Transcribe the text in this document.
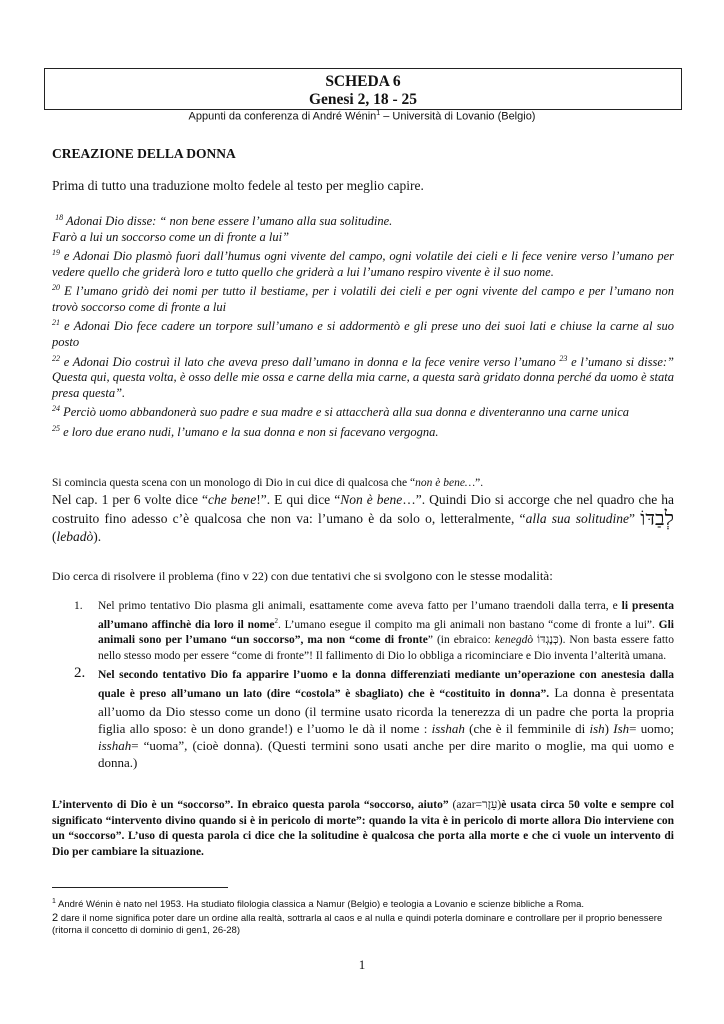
SCHEDA 6
Genesi 2, 18 - 25
Appunti da conferenza di André Wénin$^1$ – Università di Lovanio (Belgio)
CREAZIONE DELLA DONNA
Prima di tutto una traduzione molto fedele al testo per meglio capire.
$^{18}$ Adonai Dio disse: “ non bene essere l’umano alla sua solitudine.
Farò a lui un soccorso come un di fronte a lui”
$^{19}$ e Adonai Dio plasmò fuori dall’humus ogni vivente del campo, ogni volatile dei cieli e li fece venire verso l’umano per vedere quello che griderà loro e tutto quello che griderà a lui l’umano respiro vivente è il suo nome.
$^{20}$ E l’umano gridò dei nomi per tutto il bestiame, per i volatili dei cieli e per ogni vivente del campo e per l’umano non trovò soccorso come di fronte a lui
$^{21}$ e Adonai Dio fece cadere un torpore sull’umano e si addormentò e gli prese uno dei suoi lati e chiuse la carne al suo posto
$^{22}$ e Adonai Dio costruì il lato che aveva preso dall’umano in donna e la fece venire verso l’umano $^{23}$ e l’umano si disse:” Questa qui, questa volta, è osso delle mie ossa e carne della mia carne, a questa sarà gridato donna perché da uomo è stata presa questa”.
$^{24}$ Perciò uomo abbandonerà suo padre e sua madre e si attaccherà alla sua donna e diventeranno una carne unica
$^{25}$ e loro due erano nudi, l’umano e la sua donna e non si facevano vergogna.
Si comincia questa scena con un monologo di Dio in cui dice di qualcosa che “non è bene…”.
Nel cap. 1 per 6 volte dice “che bene!”. E qui dice “Non è bene…”. Quindi Dio si accorge che nel quadro che ha costruito fino adesso c’è qualcosa che non va: l’umano è da solo o, letteralmente, “alla sua solitudine” לְבַדּוֹ (lebadò).
Dio cerca di risolvere il problema (fino v 22) con due tentativi che si svolgono con le stesse modalità:
1. Nel primo tentativo Dio plasma gli animali, esattamente come aveva fatto per l’umano traendoli dalla terra, e li presenta all’umano affinchè dia loro il nome$^2$. L’umano esegue il compito ma gli animali non bastano “come di fronte a lui”. Gli animali sono per l’umano “un soccorso”, ma non “come di fronte” (in ebraico: kenegdò כְּנֶגְדּוֹ). Non basta essere fatto nello stesso modo per essere “come di fronte”! Il fallimento di Dio lo obbliga a ricominciare e Dio inventa l’alterità umana.
2. Nel secondo tentativo Dio fa apparire l’uomo e la donna differenziati mediante un’operazione con anestesia dalla quale è preso all’umano un lato (dire “costola” è sbagliato) che è “costituito in donna”. La donna è presentata all’uomo da Dio stesso come un dono (il termine usato ricorda la tenerezza di un padre che porta la propria figlia allo sposo: è un dono grande!) e l’uomo le dà il nome : isshah (che è il femminile di ish) Ish= uomo; isshah= “uoma”, (cioè donna). (Questi termini sono usati anche per dire marito o moglie, ma qui uomo e donna.)
L’intervento di Dio è un “soccorso”. In ebraico questa parola “soccorso, aiuto” (azar=עֵזֶר)è usata circa 50 volte e sempre col significato “intervento divino quando si è in pericolo di morte”: quando la vita è in pericolo di morte allora Dio interviene con un “soccorso”. L’uso di questa parola ci dice che la solitudine è qualcosa che porta alla morte e che ci vuole un intervento di Dio per cambiare la situazione.
$^1$ André Wénin è nato nel 1953. Ha studiato filologia classica a Namur (Belgio) e teologia a Lovanio e scienze bibliche a Roma.
2 dare il nome significa poter dare un ordine alla realtà, sottrarla al caos e al nulla e quindi poterla dominare e controllare per il proprio benessere (ritorna il concetto di dominio di gen1, 26-28)
1
